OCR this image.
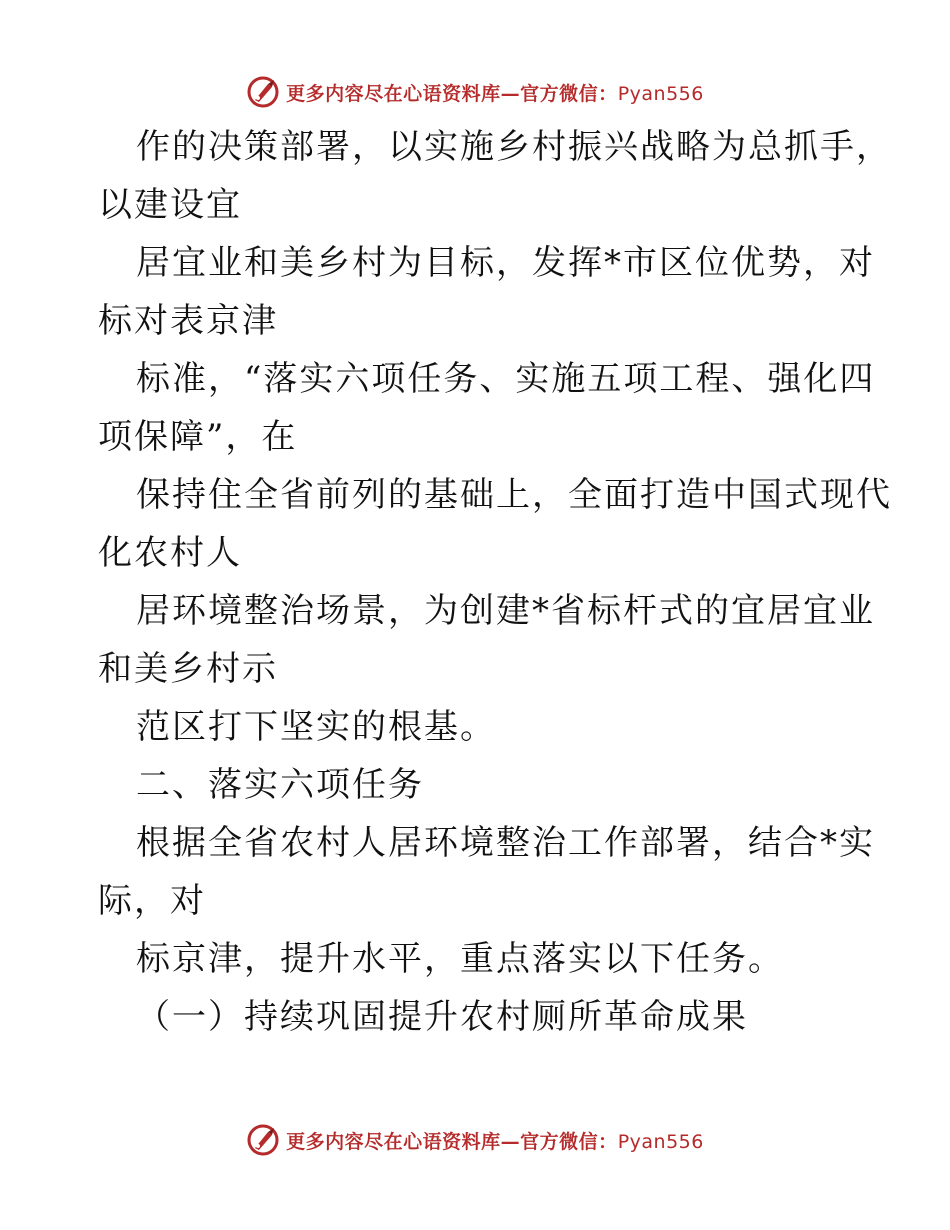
更多内容尽在心语资料库—官方微信：Pyan556
作的决策部署，以实施乡村振兴战略为总抓手，
以建设宜
居宜业和美乡村为目标，发挥*市区位优势，对
标对表京津
标准，“落实六项任务、实施五项工程、强化四
项保障”，在
保持住全省前列的基础上，全面打造中国式现代
化农村人
居环境整治场景，为创建*省标杆式的宜居宜业
和美乡村示
范区打下坚实的根基。
二、落实六项任务
根据全省农村人居环境整治工作部署，结合*实
际，对
标京津，提升水平，重点落实以下任务。
（一）持续巩固提升农村厕所革命成果
更多内容尽在心语资料库—官方微信：Pyan556
